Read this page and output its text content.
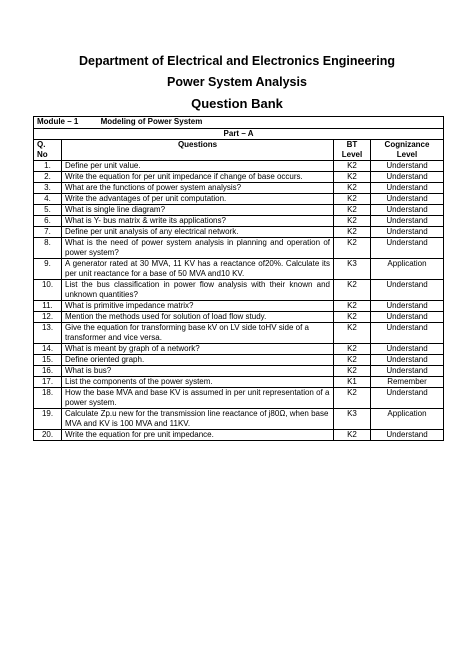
Department of Electrical and Electronics Engineering
Power System Analysis
Question Bank
Module – 1 Modeling of Power System			
Part – A			
Q. No	Questions	BT Level	Cognizance Level
1.	Define per unit value.	K2	Understand
2.	Write the equation for per unit impedance if change of base occurs.	K2	Understand
3.	What are the functions of power system analysis?	K2	Understand
4.	Write the advantages of per unit computation.	K2	Understand
5.	What is single line diagram?	K2	Understand
6.	What is Y- bus matrix & write its applications?	K2	Understand
7.	Define per unit analysis of any electrical network.	K2	Understand
8.	What is the need of power system analysis in planning and operation of power system?	K2	Understand
9.	A generator rated at 30 MVA, 11 KV has a reactance of20%. Calculate its per unit reactance for a base of 50 MVA and10 KV.	K3	Application
10.	List the bus classification in power flow analysis with their known and unknown quantities?	K2	Understand
11.	What is primitive impedance matrix?	K2	Understand
12.	Mention the methods used for solution of load flow study.	K2	Understand
13.	Give the equation for transforming base kV on LV side toHV side of a transformer and vice versa.	K2	Understand
14.	What is meant by graph of a network?	K2	Understand
15.	Define oriented graph.	K2	Understand
16.	What is bus?	K2	Understand
17.	List the components of the power system.	K1	Remember
18.	How the base MVA and base KV is assumed in per unit representation of a power system.	K2	Understand
19.	Calculate Zp.u new for the transmission line reactance of j80Ω, when base MVA and KV is 100 MVA and 11KV.	K3	Application
20.	Write the equation for pre unit impedance.	K2	Understand
